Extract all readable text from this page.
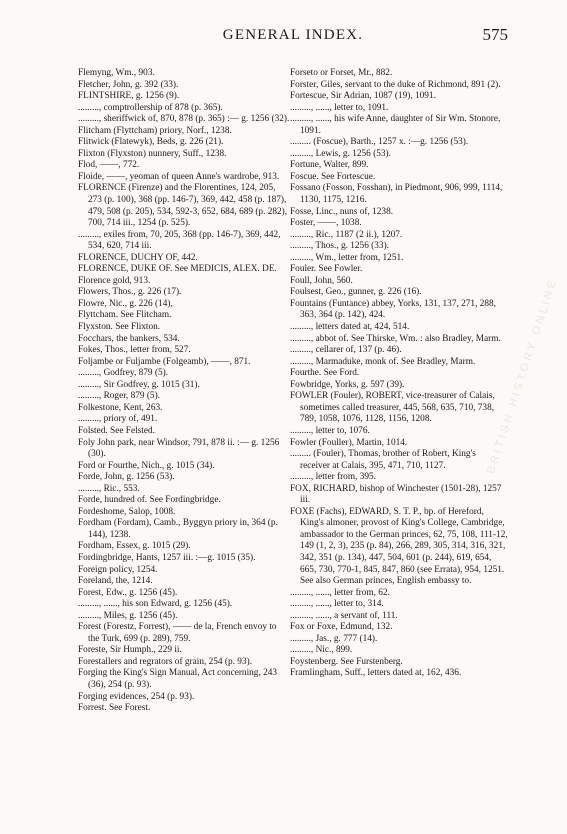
GENERAL INDEX.	575
BRITISH HISTORY ONLINE
Flemyng, Wm., 903.
Fletcher, John, g. 392 (33).
FLINTSHIRE, g. 1256 (9).
........., comptrollership of 878 (p. 365).
........., sheriffwick of, 870, 878 (p. 365) :— g. 1256 (32).
Flitcham (Flyttcham) priory, Norf., 1238.
Flitwick (Flatewyk), Beds, g. 226 (21).
Flixton (Flyxston) nunnery, Suff., 1238.
Flod, ——, 772.
Floide, ——, yeoman of queen Anne's wardrobe, 913.
FLORENCE (Firenze) and the Florentines, 124, 205, 273 (p. 100), 368 (pp. 146-7), 369, 442, 458 (p. 187), 479, 508 (p. 205), 534, 592-3, 652, 684, 689 (p. 282), 700, 714 iii., 1254 (p. 525).
........., exiles from, 70, 205, 368 (pp. 146-7), 369, 442, 534, 620, 714 iii.
FLORENCE, DUCHY OF, 442.
FLORENCE, DUKE OF. See MEDICIS, ALEX. DE.
Florence gold, 913.
Flowers, Thos., g. 226 (17).
Flowre, Nic., g. 226 (14),
Flyttcham. See Flitcham.
Flyxston. See Flixton.
Focchars, the bankers, 534.
Fokes, Thos., letter from, 527.
Foljambe or Fuljambe (Folgeamb), ——, 871.
........., Godfrey, 879 (5).
........., Sir Godfrey, g. 1015 (31).
........., Roger, 879 (5).
Folkestone, Kent, 263.
........., priory of, 491.
Folsted. See Felsted.
Foly John park, near Windsor, 791, 878 ii. :— g. 1256 (30).
Ford or Fourthe, Nich., g. 1015 (34).
Forde, John, g. 1256 (53).
........., Ric., 553.
Forde, hundred of. See Fordingbridge.
Fordeshome, Salop, 1008.
Fordham (Fordam), Camb., Byggyn priory in, 364 (p. 144), 1238.
Fordham, Essex, g. 1015 (29).
Fordingbridge, Hants, 1257 iii. :—g. 1015 (35).
Foreign policy, 1254.
Foreland, the, 1214.
Forest, Edw., g. 1256 (45).
........., ......, his son Edward, g. 1256 (45).
........., Miles, g. 1256 (45).
Forest (Forestz, Forrest), —— de la, French envoy to the Turk, 699 (p. 289), 759.
Foreste, Sir Humph., 229 ii.
Forestallers and regrators of grain, 254 (p. 93).
Forging the King's Sign Manual, Act concerning, 243 (36), 254 (p. 93).
Forging evidences, 254 (p. 93).
Forrest. See Forest.
Forseto or Forset, Mr., 882.
Forster, Giles, servant to the duke of Richmond, 891 (2).
Fortescue, Sir Adrian, 1087 (19), 1091.
........., ......, letter to, 1091.
........., ......, his wife Anne, daughter of Sir Wm. Stonore, 1091.
......... (Foscue), Barth., 1257 x. :—g. 1256 (53).
........., Lewis, g. 1256 (53).
Fortune, Walter, 899.
Foscue. See Fortescue.
Fossano (Fosson, Fosshan), in Piedmont, 906, 999, 1114, 1130, 1175, 1216.
Fosse, Linc., nuns of, 1238.
Foster, ——, 1038.
........., Ric., 1187 (2 ii.), 1207.
........., Thos., g. 1256 (33).
........., Wm., letter from, 1251.
Fouler. See Fowler.
Foull, John, 560.
Foulsest, Geo., gunner, g. 226 (16).
Fountains (Funtance) abbey, Yorks, 131, 137, 271, 288, 363, 364 (p. 142), 424.
........., letters dated at, 424, 514.
........., abbot of. See Thirske, Wm. : also Bradley, Marm.
........., cellarer of, 137 (p. 46).
........., Marmaduke, monk of. See Bradley, Marm.
Fourthe. See Ford.
Fowbridge, Yorks, g. 597 (39).
FOWLER (Fouler), ROBERT, vice-treasurer of Calais, sometimes called treasurer, 445, 568, 635, 710, 738, 789, 1058, 1076, 1128, 1156, 1208.
........., letter to, 1076.
Fowler (Fouller), Martin, 1014.
......... (Fouler), Thomas, brother of Robert, King's receiver at Calais, 395, 471, 710, 1127.
........., letter from, 395.
FOX, RICHARD, bishop of Winchester (1501-28), 1257 iii.
FOXE (Fachs), EDWARD, S. T. P., bp. of Hereford, King's almoner, provost of King's College, Cambridge, ambassador to the German princes, 62, 75, 108, 111-12, 149 (1, 2, 3), 235 (p. 84), 266, 289, 305, 314, 316, 321, 342, 351 (p. 134), 447, 504, 601 (p. 244), 619, 654, 665, 730, 770-1, 845, 847, 860 (see Errata), 954, 1251. See also German princes, English embassy to.
........., ......, letter from, 62.
........., ......, letter to, 314.
........., ......, a servant of, 111.
Fox or Foxe, Edmund, 132.
........., Jas., g. 777 (14).
........., Nic., 899.
Foystenberg. See Furstenberg.
Framlingham, Suff., letters dated at, 162, 436.
